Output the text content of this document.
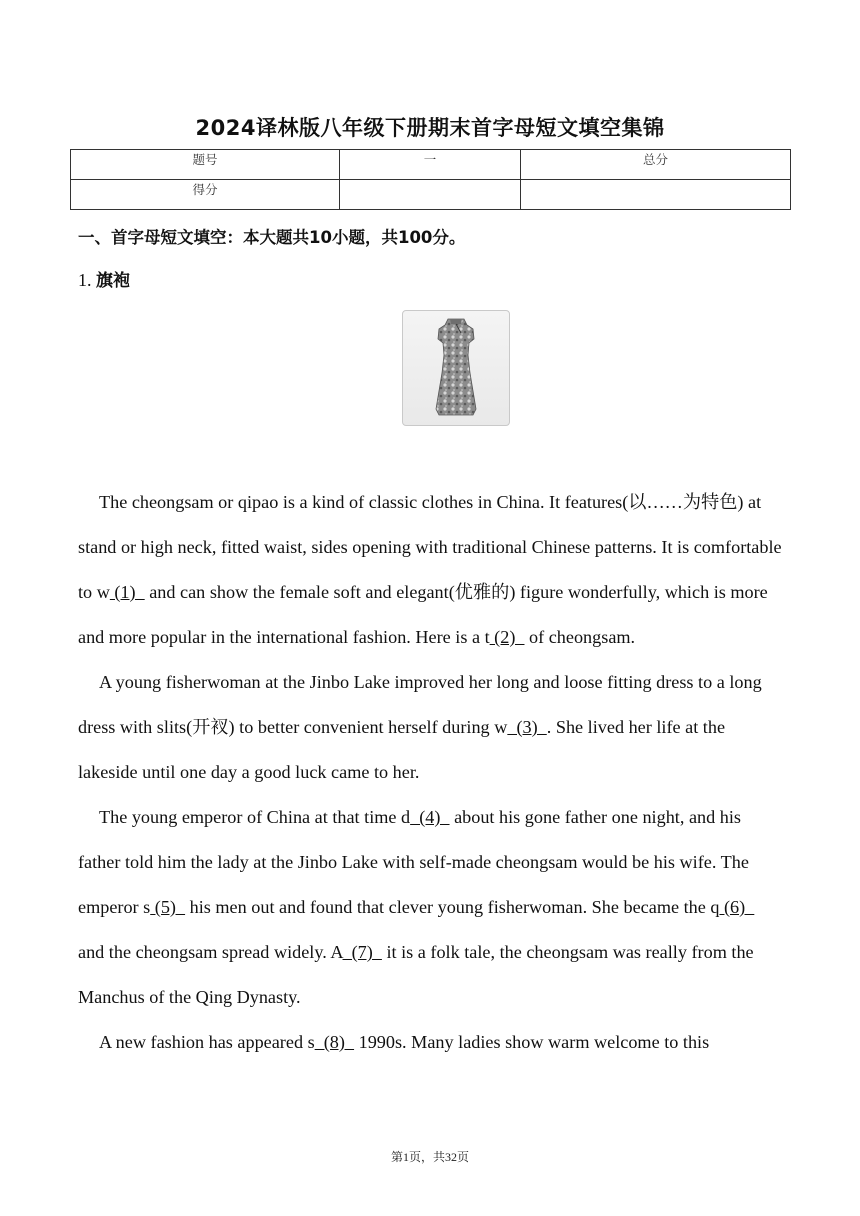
2024译林版八年级下册期末首字母短文填空集锦
题号	一	总分
得分		
一、首字母短文填空：本大题共10小题，共100分。
1. 旗袍

The cheongsam or qipao is a kind of classic clothes in China. It features(以……为特色) at stand or high neck, fitted waist, sides opening with traditional Chinese patterns. It is comfortable to w (1)   and can show the female soft and elegant(优雅的) figure wonderfully, which is more and more popular in the international fashion. Here is a t (2)   of cheongsam.

A young fisherwoman at the Jinbo Lake improved her long and loose fitting dress to a long dress with slits(开衩) to better convenient herself during w  (3)  . She lived her life at the lakeside until one day a good luck came to her.

The young emperor of China at that time d  (4)   about his gone father one night, and his father told him the lady at the Jinbo Lake with self-made cheongsam would be his wife. The emperor s (5)   his men out and found that clever young fisherwoman. She became the q (6)   and the cheongsam spread widely. A  (7)   it is a folk tale, the cheongsam was really from the Manchus of the Qing Dynasty.

A new fashion has appeared s  (8)   1990s. Many ladies show warm welcome to this

第1页，共32页
